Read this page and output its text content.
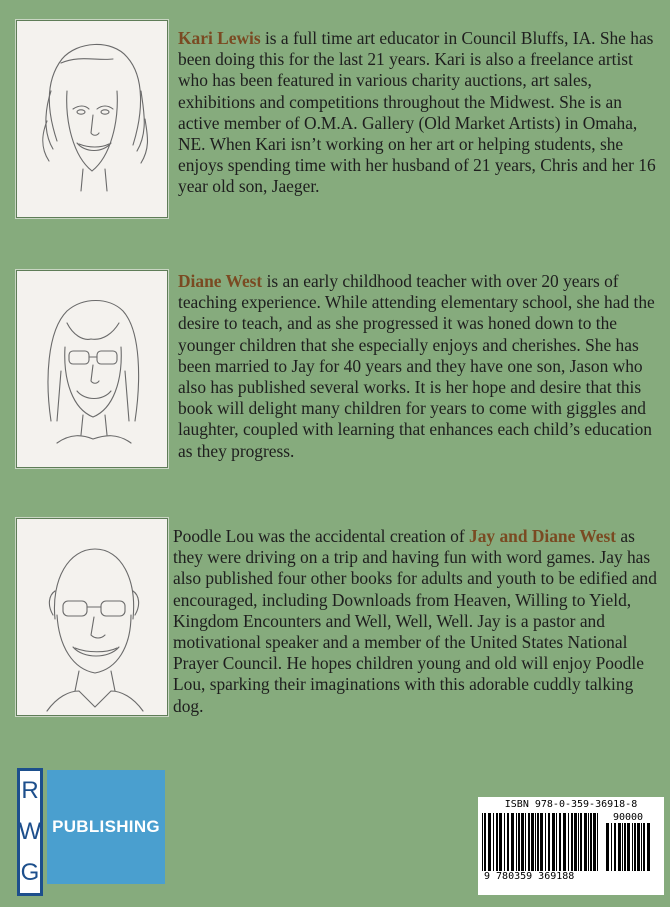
Kari Lewis is a full time art educator in Council Bluffs, IA. She has been doing this for the last 21 years. Kari is also a freelance artist who has been featured in various charity auctions, art sales, exhibitions and competitions throughout the Midwest. She is an active member of O.M.A. Gallery (Old Market Artists) in Omaha, NE. When Kari isn’t working on her art or helping students, she enjoys spending time with her husband of 21 years, Chris and her 16 year old son, Jaeger.

Diane West is an early childhood teacher with over 20 years of teaching experience. While attending elementary school, she had the desire to teach, and as she progressed it was honed down to the younger children that she especially enjoys and cherishes. She has been married to Jay for 40 years and they have one son, Jason who also has published several works. It is her hope and desire that this book will delight many children for years to come with giggles and laughter, coupled with learning that enhances each child’s education as they progress.

Poodle Lou was the accidental creation of Jay and Diane West as they were driving on a trip and having fun with word games. Jay has also published four other books for adults and youth to be edified and encouraged, including Downloads from Heaven, Willing to Yield, Kingdom Encounters and Well, Well, Well. Jay is a pastor and motivational speaker and a member of the United States National Prayer Council. He hopes children young and old will enjoy Poodle Lou, sparking their imaginations with this adorable cuddly talking dog.

R
W
G
PUBLISHING
ISBN 978-0-359-36918-8
90000
9 780359 369188
